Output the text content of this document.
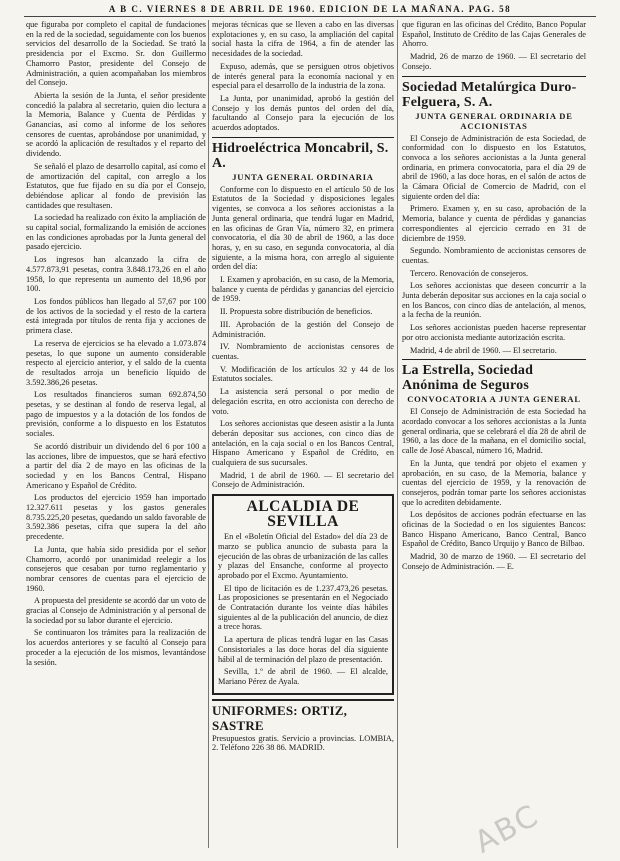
A B C. VIERNES 8 DE ABRIL DE 1960. EDICION DE LA MAÑANA. PAG. 58

que figuraba por completo el capital de fundaciones en la red de la sociedad, seguidamente con los buenos servicios del desarrollo de la Sociedad. Se trató la presidencia por el Excmo. Sr. don Guillermo Chamorro Pastor, presidente del Consejo de Administración, a quien acompañaban los miembros del Consejo.

Abierta la sesión de la Junta, el señor presidente concedió la palabra al secretario, quien dio lectura a la Memoria, Balance y Cuenta de Pérdidas y Ganancias, así como al informe de los señores censores de cuentas, aprobándose por unanimidad, y se acordó la aplicación de resultados y el reparto del dividendo.

Se señaló el plazo de desarrollo capital, así como el de amortización del capital, con arreglo a los Estatutos, que fue fijado en su día por el Consejo, debiéndose aplicar al fondo de previsión las cantidades que resultasen.

La sociedad ha realizado con éxito la ampliación de su capital social, formalizando la emisión de acciones en las condiciones aprobadas por la Junta general del pasado ejercicio.

Los ingresos han alcanzado la cifra de 4.577.873,91 pesetas, contra 3.848.173,26 en el año 1958, lo que representa un aumento del 18,96 por 100.

Los fondos públicos han llegado al 57,67 por 100 de los activos de la sociedad y el resto de la cartera está integrada por títulos de renta fija y acciones de primera clase.

La reserva de ejercicios se ha elevado a 1.073.874 pesetas, lo que supone un aumento considerable respecto al ejercicio anterior, y el saldo de la cuenta de resultados arroja un beneficio líquido de 3.592.386,26 pesetas.

Los resultados financieros suman 692.874,50 pesetas, y se destinan al fondo de reserva legal, al pago de impuestos y a la dotación de los fondos de previsión, conforme a lo dispuesto en los Estatutos sociales.

Se acordó distribuir un dividendo del 6 por 100 a las acciones, libre de impuestos, que se hará efectivo a partir del día 2 de mayo en las oficinas de la sociedad y en los Bancos Central, Hispano Americano y Español de Crédito.

Los productos del ejercicio 1959 han importado 12.327.611 pesetas y los gastos generales 8.735.225,20 pesetas, quedando un saldo favorable de 3.592.386 pesetas, cifra que supera la del año precedente.

La Junta, que había sido presidida por el señor Chamorro, acordó por unanimidad reelegir a los consejeros que cesaban por turno reglamentario y nombrar censores de cuentas para el ejercicio de 1960.

A propuesta del presidente se acordó dar un voto de gracias al Consejo de Administración y al personal de la sociedad por su labor durante el ejercicio.

Se continuaron los trámites para la realización de los acuerdos anteriores y se facultó al Consejo para proceder a la ejecución de los mismos, levantándose la sesión.

mejoras técnicas que se lleven a cabo en las diversas explotaciones y, en su caso, la ampliación del capital social hasta la cifra de 1964, a fin de atender las necesidades de la sociedad.

Expuso, además, que se persiguen otros objetivos de interés general para la economía nacional y en especial para el desarrollo de la industria de la zona.

La Junta, por unanimidad, aprobó la gestión del Consejo y los demás puntos del orden del día, facultando al Consejo para la ejecución de los acuerdos adoptados.

Hidroeléctrica Moncabril, S. A.
JUNTA GENERAL ORDINARIA

Conforme con lo dispuesto en el artículo 50 de los Estatutos de la Sociedad y disposiciones legales vigentes, se convoca a los señores accionistas a la Junta general ordinaria, que tendrá lugar en Madrid, en las oficinas de Gran Vía, número 32, en primera convocatoria, el día 30 de abril de 1960, a las doce horas, y, en su caso, en segunda convocatoria, al día siguiente, a la misma hora, con arreglo al siguiente orden del día:

I. Examen y aprobación, en su caso, de la Memoria, balance y cuenta de pérdidas y ganancias del ejercicio de 1959.

II. Propuesta sobre distribución de beneficios.

III. Aprobación de la gestión del Consejo de Administración.

IV. Nombramiento de accionistas censores de cuentas.

V. Modificación de los artículos 32 y 44 de los Estatutos sociales.

La asistencia será personal o por medio de delegación escrita, en otro accionista con derecho de voto.

Los señores accionistas que deseen asistir a la Junta deberán depositar sus acciones, con cinco días de antelación, en la caja social o en los Bancos Central, Hispano Americano y Español de Crédito, en cualquiera de sus sucursales.

Madrid, 1 de abril de 1960. — El secretario del Consejo de Administración.

ALCALDIA DE SEVILLA

En el «Boletín Oficial del Estado» del día 23 de marzo se publica anuncio de subasta para la ejecución de las obras de urbanización de las calles y plazas del Ensanche, conforme al proyecto aprobado por el Excmo. Ayuntamiento.

El tipo de licitación es de 1.237.473,26 pesetas. Las proposiciones se presentarán en el Negociado de Contratación durante los veinte días hábiles siguientes al de la publicación del anuncio, de diez a trece horas.

La apertura de plicas tendrá lugar en las Casas Consistoriales a las doce horas del día siguiente hábil al de terminación del plazo de presentación.

Sevilla, 1.º de abril de 1960. — El alcalde, Mariano Pérez de Ayala.

UNIFORMES: ORTIZ, SASTRE

Presupuestos gratis. Servicio a provincias. LOMBIA, 2. Teléfono 226 38 86. MADRID.

que figuran en las oficinas del Crédito, Banco Popular Español, Instituto de Crédito de las Cajas Generales de Ahorro.

Madrid, 26 de marzo de 1960. — El secretario del Consejo.

Sociedad Metalúrgica Duro-Felguera, S. A.
JUNTA GENERAL ORDINARIA DE ACCIONISTAS

El Consejo de Administración de esta Sociedad, de conformidad con lo dispuesto en los Estatutos, convoca a los señores accionistas a la Junta general ordinaria, en primera convocatoria, para el día 29 de abril de 1960, a las doce horas, en el salón de actos de la Cámara Oficial de Comercio de Madrid, con el siguiente orden del día:

Primero. Examen y, en su caso, aprobación de la Memoria, balance y cuenta de pérdidas y ganancias correspondientes al ejercicio cerrado en 31 de diciembre de 1959.

Segundo. Nombramiento de accionistas censores de cuentas.

Tercero. Renovación de consejeros.

Los señores accionistas que deseen concurrir a la Junta deberán depositar sus acciones en la caja social o en los Bancos, con cinco días de antelación, al menos, a la fecha de la reunión.

Los señores accionistas pueden hacerse representar por otro accionista mediante autorización escrita.

Madrid, 4 de abril de 1960. — El secretario.

La Estrella, Sociedad Anónima de Seguros
CONVOCATORIA A JUNTA GENERAL

El Consejo de Administración de esta Sociedad ha acordado convocar a los señores accionistas a la Junta general ordinaria, que se celebrará el día 28 de abril de 1960, a las doce de la mañana, en el domicilio social, calle de José Abascal, número 16, Madrid.

En la Junta, que tendrá por objeto el examen y aprobación, en su caso, de la Memoria, balance y cuentas del ejercicio de 1959, y la renovación de consejeros, podrán tomar parte los señores accionistas que lo acrediten debidamente.

Los depósitos de acciones podrán efectuarse en las oficinas de la Sociedad o en los siguientes Bancos: Banco Hispano Americano, Banco Central, Banco Español de Crédito, Banco Urquijo y Banco de Bilbao.

Madrid, 30 de marzo de 1960. — El secretario del Consejo de Administración. — E.

ABC
